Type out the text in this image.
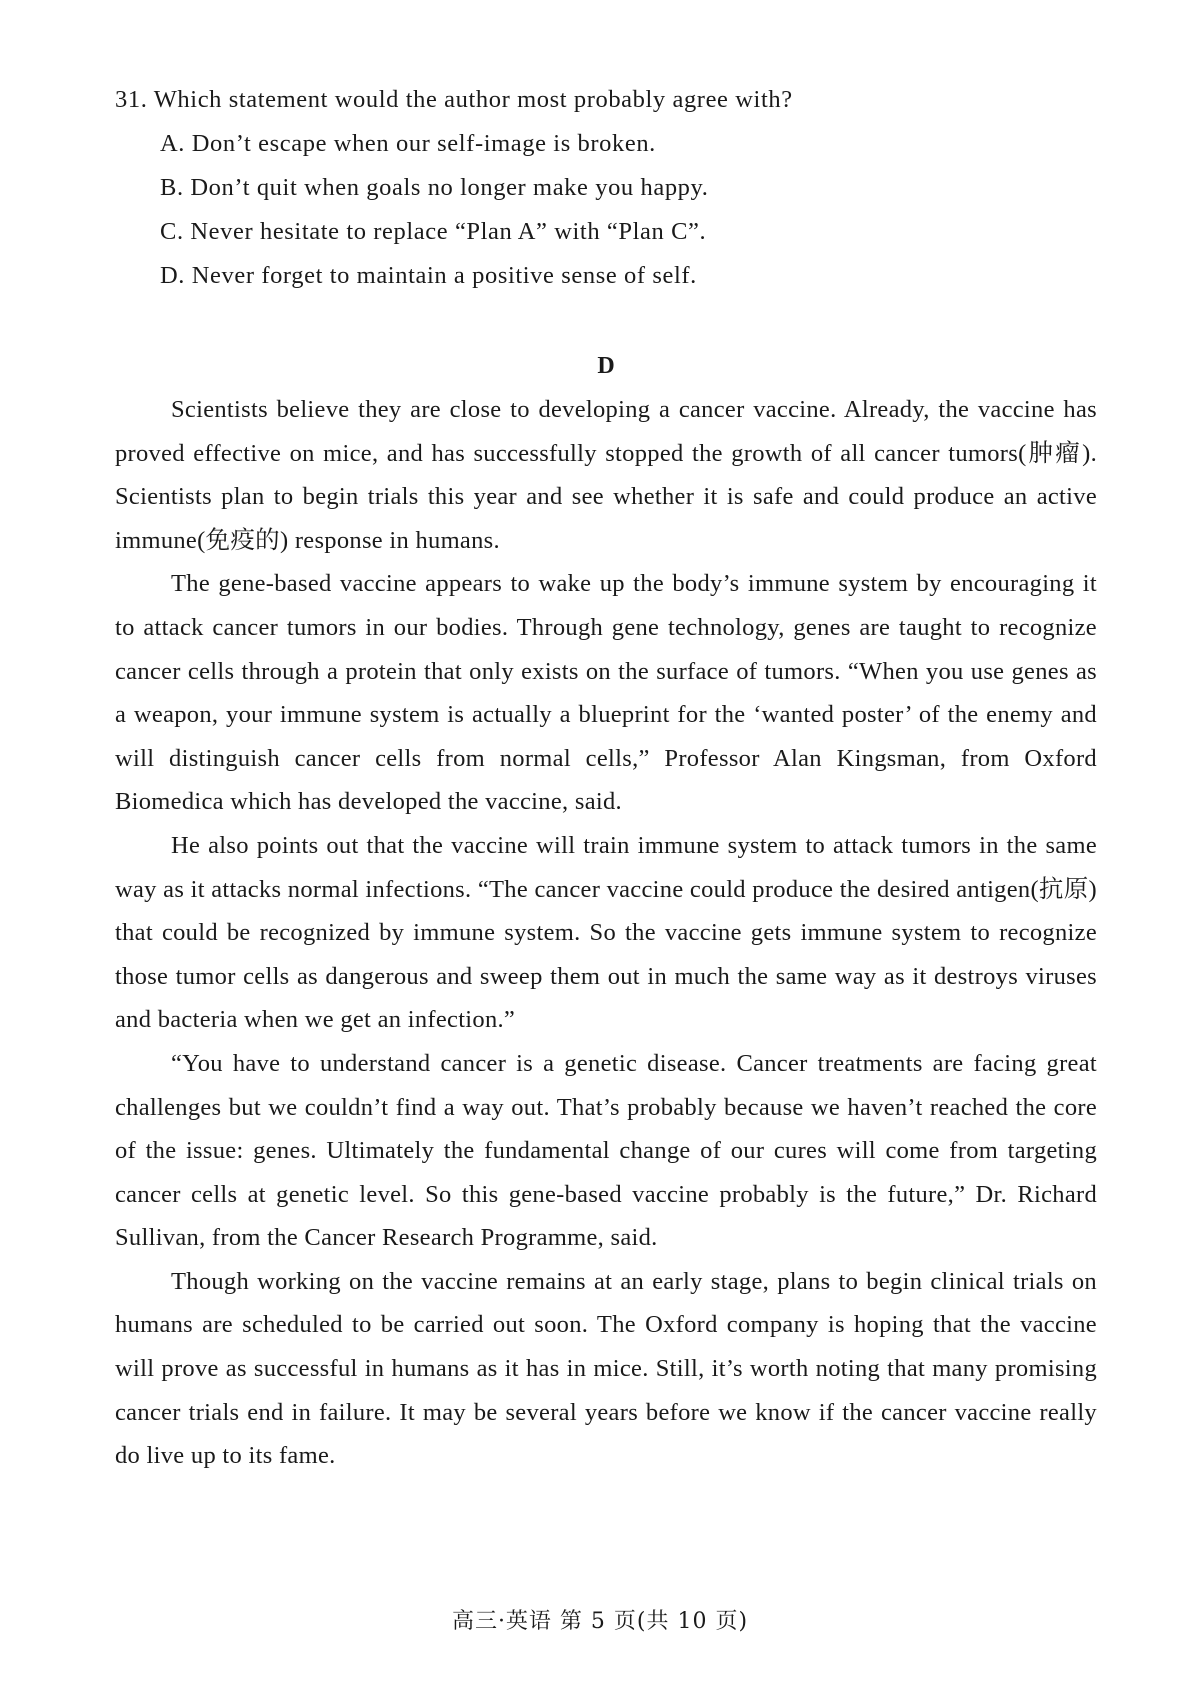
31. Which statement would the author most probably agree with?

A. Don’t escape when our self-image is broken.
B. Don’t quit when goals no longer make you happy.
C. Never hesitate to replace “Plan A” with “Plan C”.
D. Never forget to maintain a positive sense of self.
D

Scientists believe they are close to developing a cancer vaccine. Already, the vaccine has proved effective on mice, and has successfully stopped the growth of all cancer tumors(肿瘤). Scientists plan to begin trials this year and see whether it is safe and could produce an active immune(免疫的) response in humans.

The gene-based vaccine appears to wake up the body’s immune system by encouraging it to attack cancer tumors in our bodies. Through gene technology, genes are taught to recognize cancer cells through a protein that only exists on the surface of tumors. “When you use genes as a weapon, your immune system is actually a blueprint for the ‘wanted poster’ of the enemy and will distinguish cancer cells from normal cells,” Professor Alan Kingsman, from Oxford Biomedica which has developed the vaccine, said.

He also points out that the vaccine will train immune system to attack tumors in the same way as it attacks normal infections. “The cancer vaccine could produce the desired antigen(抗原) that could be recognized by immune system. So the vaccine gets immune system to recognize those tumor cells as dangerous and sweep them out in much the same way as it destroys viruses and bacteria when we get an infection.”

“You have to understand cancer is a genetic disease. Cancer treatments are facing great challenges but we couldn’t find a way out. That’s probably because we haven’t reached the core of the issue: genes. Ultimately the fundamental change of our cures will come from targeting cancer cells at genetic level. So this gene-based vaccine probably is the future,” Dr. Richard Sullivan, from the Cancer Research Programme, said.

Though working on the vaccine remains at an early stage, plans to begin clinical trials on humans are scheduled to be carried out soon. The Oxford company is hoping that the vaccine will prove as successful in humans as it has in mice. Still, it’s worth noting that many promising cancer trials end in failure. It may be several years before we know if the cancer vaccine really do live up to its fame.

高三·英语 第 5 页(共 10 页)
